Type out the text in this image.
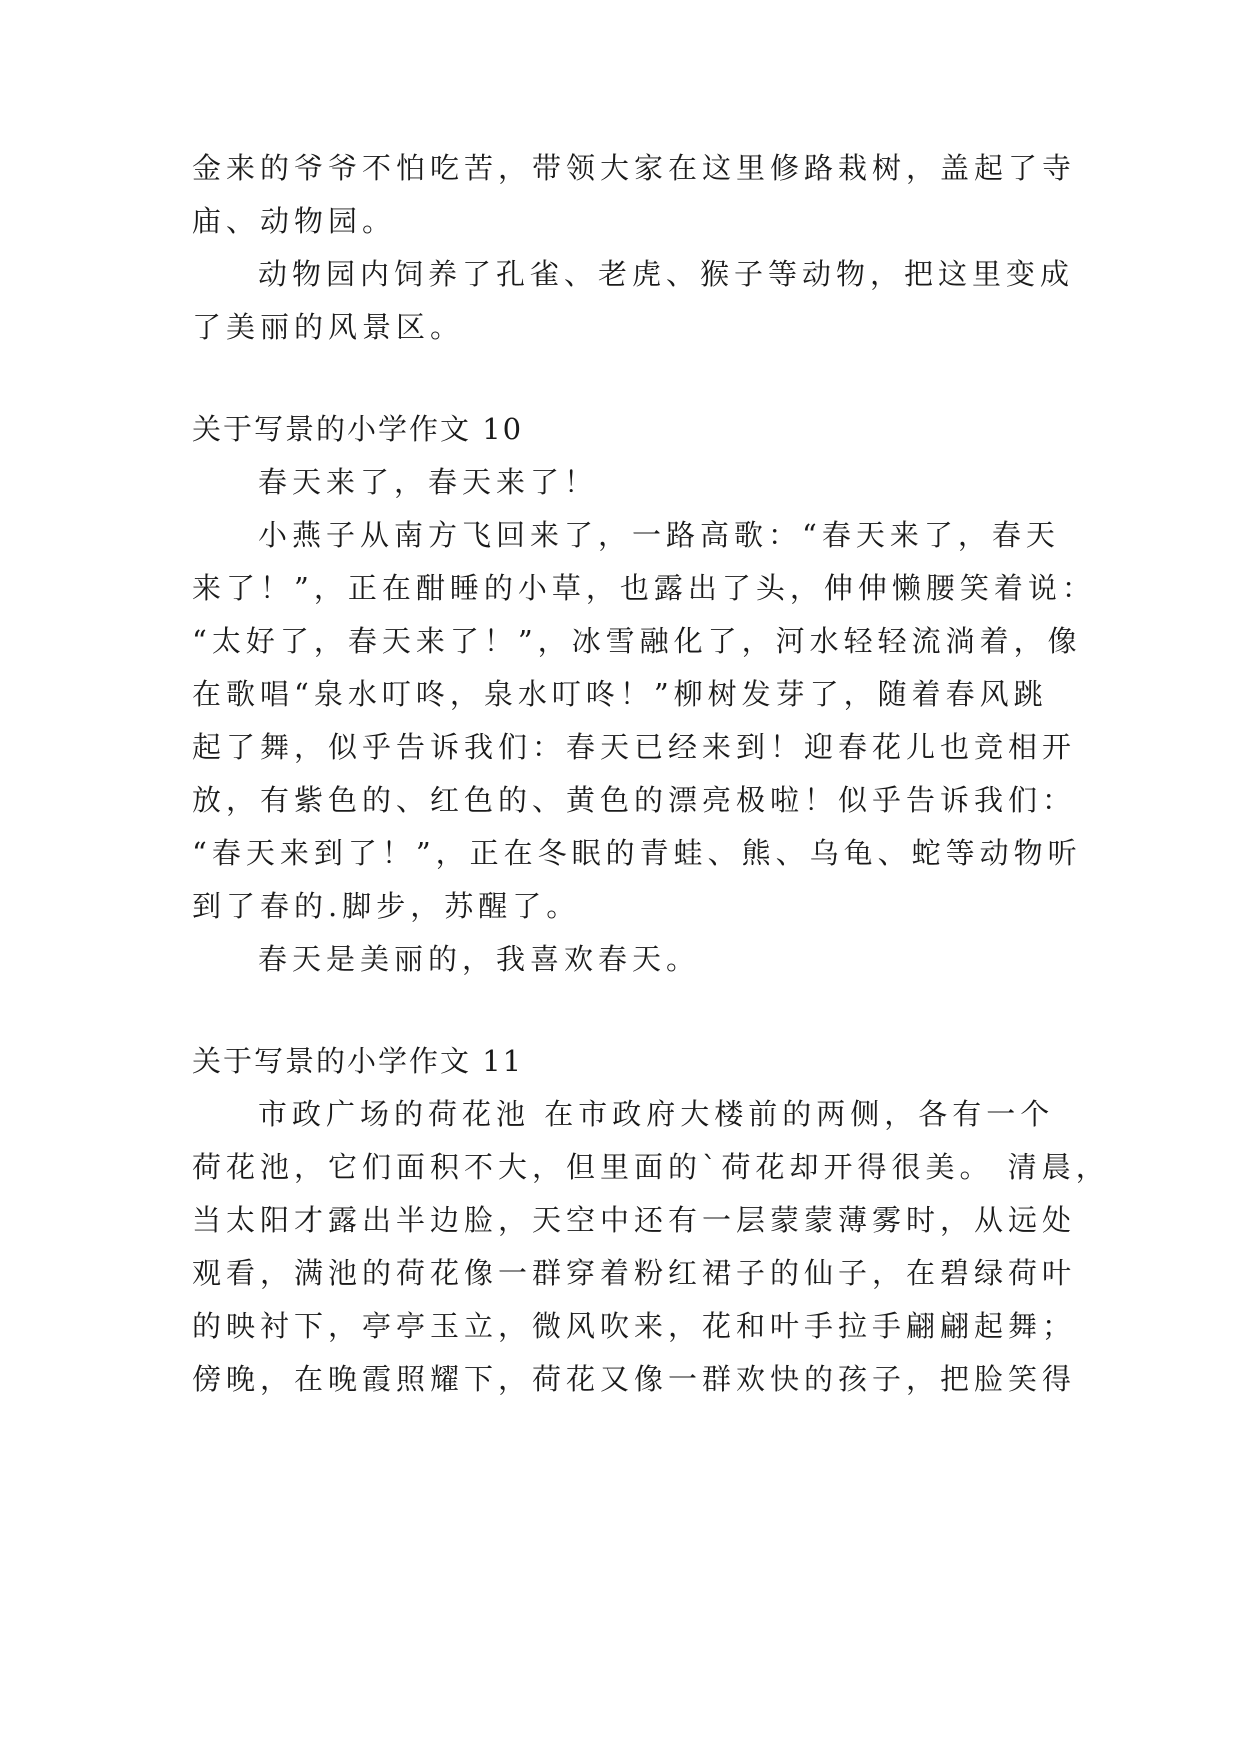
金来的爷爷不怕吃苦，带领大家在这里修路栽树，盖起了寺
庙、动物园。
动物园内饲养了孔雀、老虎、猴子等动物，把这里变成
了美丽的风景区。
关于写景的小学作文 10
春天来了，春天来了！
小燕子从南方飞回来了，一路高歌：“春天来了，春天
来了！”，正在酣睡的小草，也露出了头，伸伸懒腰笑着说：
“太好了，春天来了！”，冰雪融化了，河水轻轻流淌着，像
在歌唱“泉水叮咚，泉水叮咚！”柳树发芽了，随着春风跳
起了舞，似乎告诉我们：春天已经来到！迎春花儿也竞相开
放，有紫色的、红色的、黄色的漂亮极啦！似乎告诉我们：
“春天来到了！”，正在冬眠的青蛙、熊、乌龟、蛇等动物听
到了春的.脚步，苏醒了。
春天是美丽的，我喜欢春天。
关于写景的小学作文 11
市政广场的荷花池 在市政府大楼前的两侧，各有一个
荷花池，它们面积不大，但里面的`荷花却开得很美。 清晨，
当太阳才露出半边脸，天空中还有一层蒙蒙薄雾时，从远处
观看，满池的荷花像一群穿着粉红裙子的仙子，在碧绿荷叶
的映衬下，亭亭玉立，微风吹来，花和叶手拉手翩翩起舞；
傍晚，在晚霞照耀下，荷花又像一群欢快的孩子，把脸笑得
